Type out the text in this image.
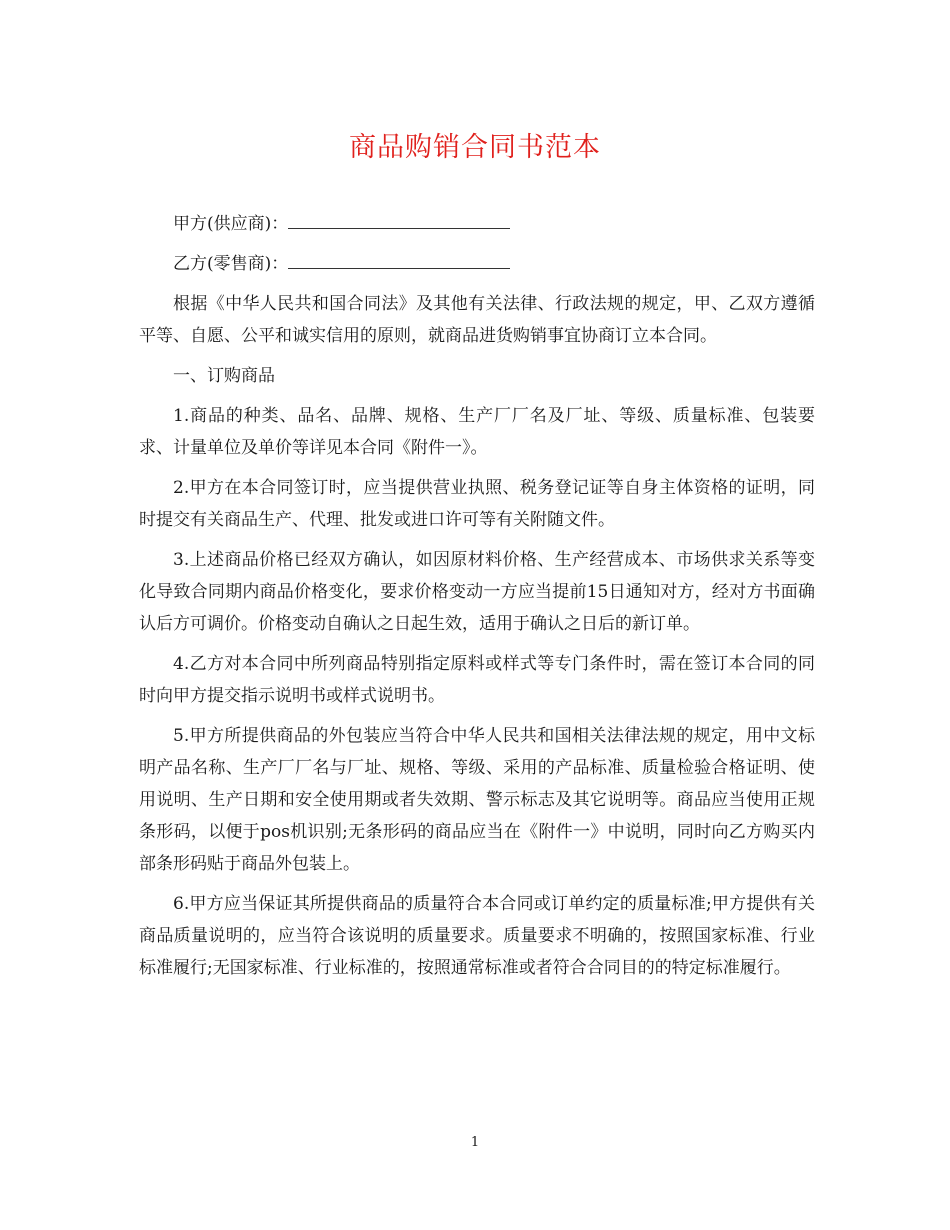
商品购销合同书范本
甲方(供应商)：
乙方(零售商)：

根据《中华人民共和国合同法》及其他有关法律、行政法规的规定，甲、乙双方遵循平等、自愿、公平和诚实信用的原则，就商品进货购销事宜协商订立本合同。

一、订购商品

1.商品的种类、品名、品牌、规格、生产厂厂名及厂址、等级、质量标准、包装要求、计量单位及单价等详见本合同《附件一》。

2.甲方在本合同签订时，应当提供营业执照、税务登记证等自身主体资格的证明，同时提交有关商品生产、代理、批发或进口许可等有关附随文件。

3.上述商品价格已经双方确认，如因原材料价格、生产经营成本、市场供求关系等变化导致合同期内商品价格变化，要求价格变动一方应当提前15日通知对方，经对方书面确认后方可调价。价格变动自确认之日起生效，适用于确认之日后的新订单。

4.乙方对本合同中所列商品特别指定原料或样式等专门条件时，需在签订本合同的同时向甲方提交指示说明书或样式说明书。

5.甲方所提供商品的外包装应当符合中华人民共和国相关法律法规的规定，用中文标明产品名称、生产厂厂名与厂址、规格、等级、采用的产品标准、质量检验合格证明、使用说明、生产日期和安全使用期或者失效期、警示标志及其它说明等。商品应当使用正规条形码，以便于pos机识别;无条形码的商品应当在《附件一》中说明，同时向乙方购买内部条形码贴于商品外包装上。

6.甲方应当保证其所提供商品的质量符合本合同或订单约定的质量标准;甲方提供有关商品质量说明的，应当符合该说明的质量要求。质量要求不明确的，按照国家标准、行业标准履行;无国家标准、行业标准的，按照通常标准或者符合合同目的的特定标准履行。

1
